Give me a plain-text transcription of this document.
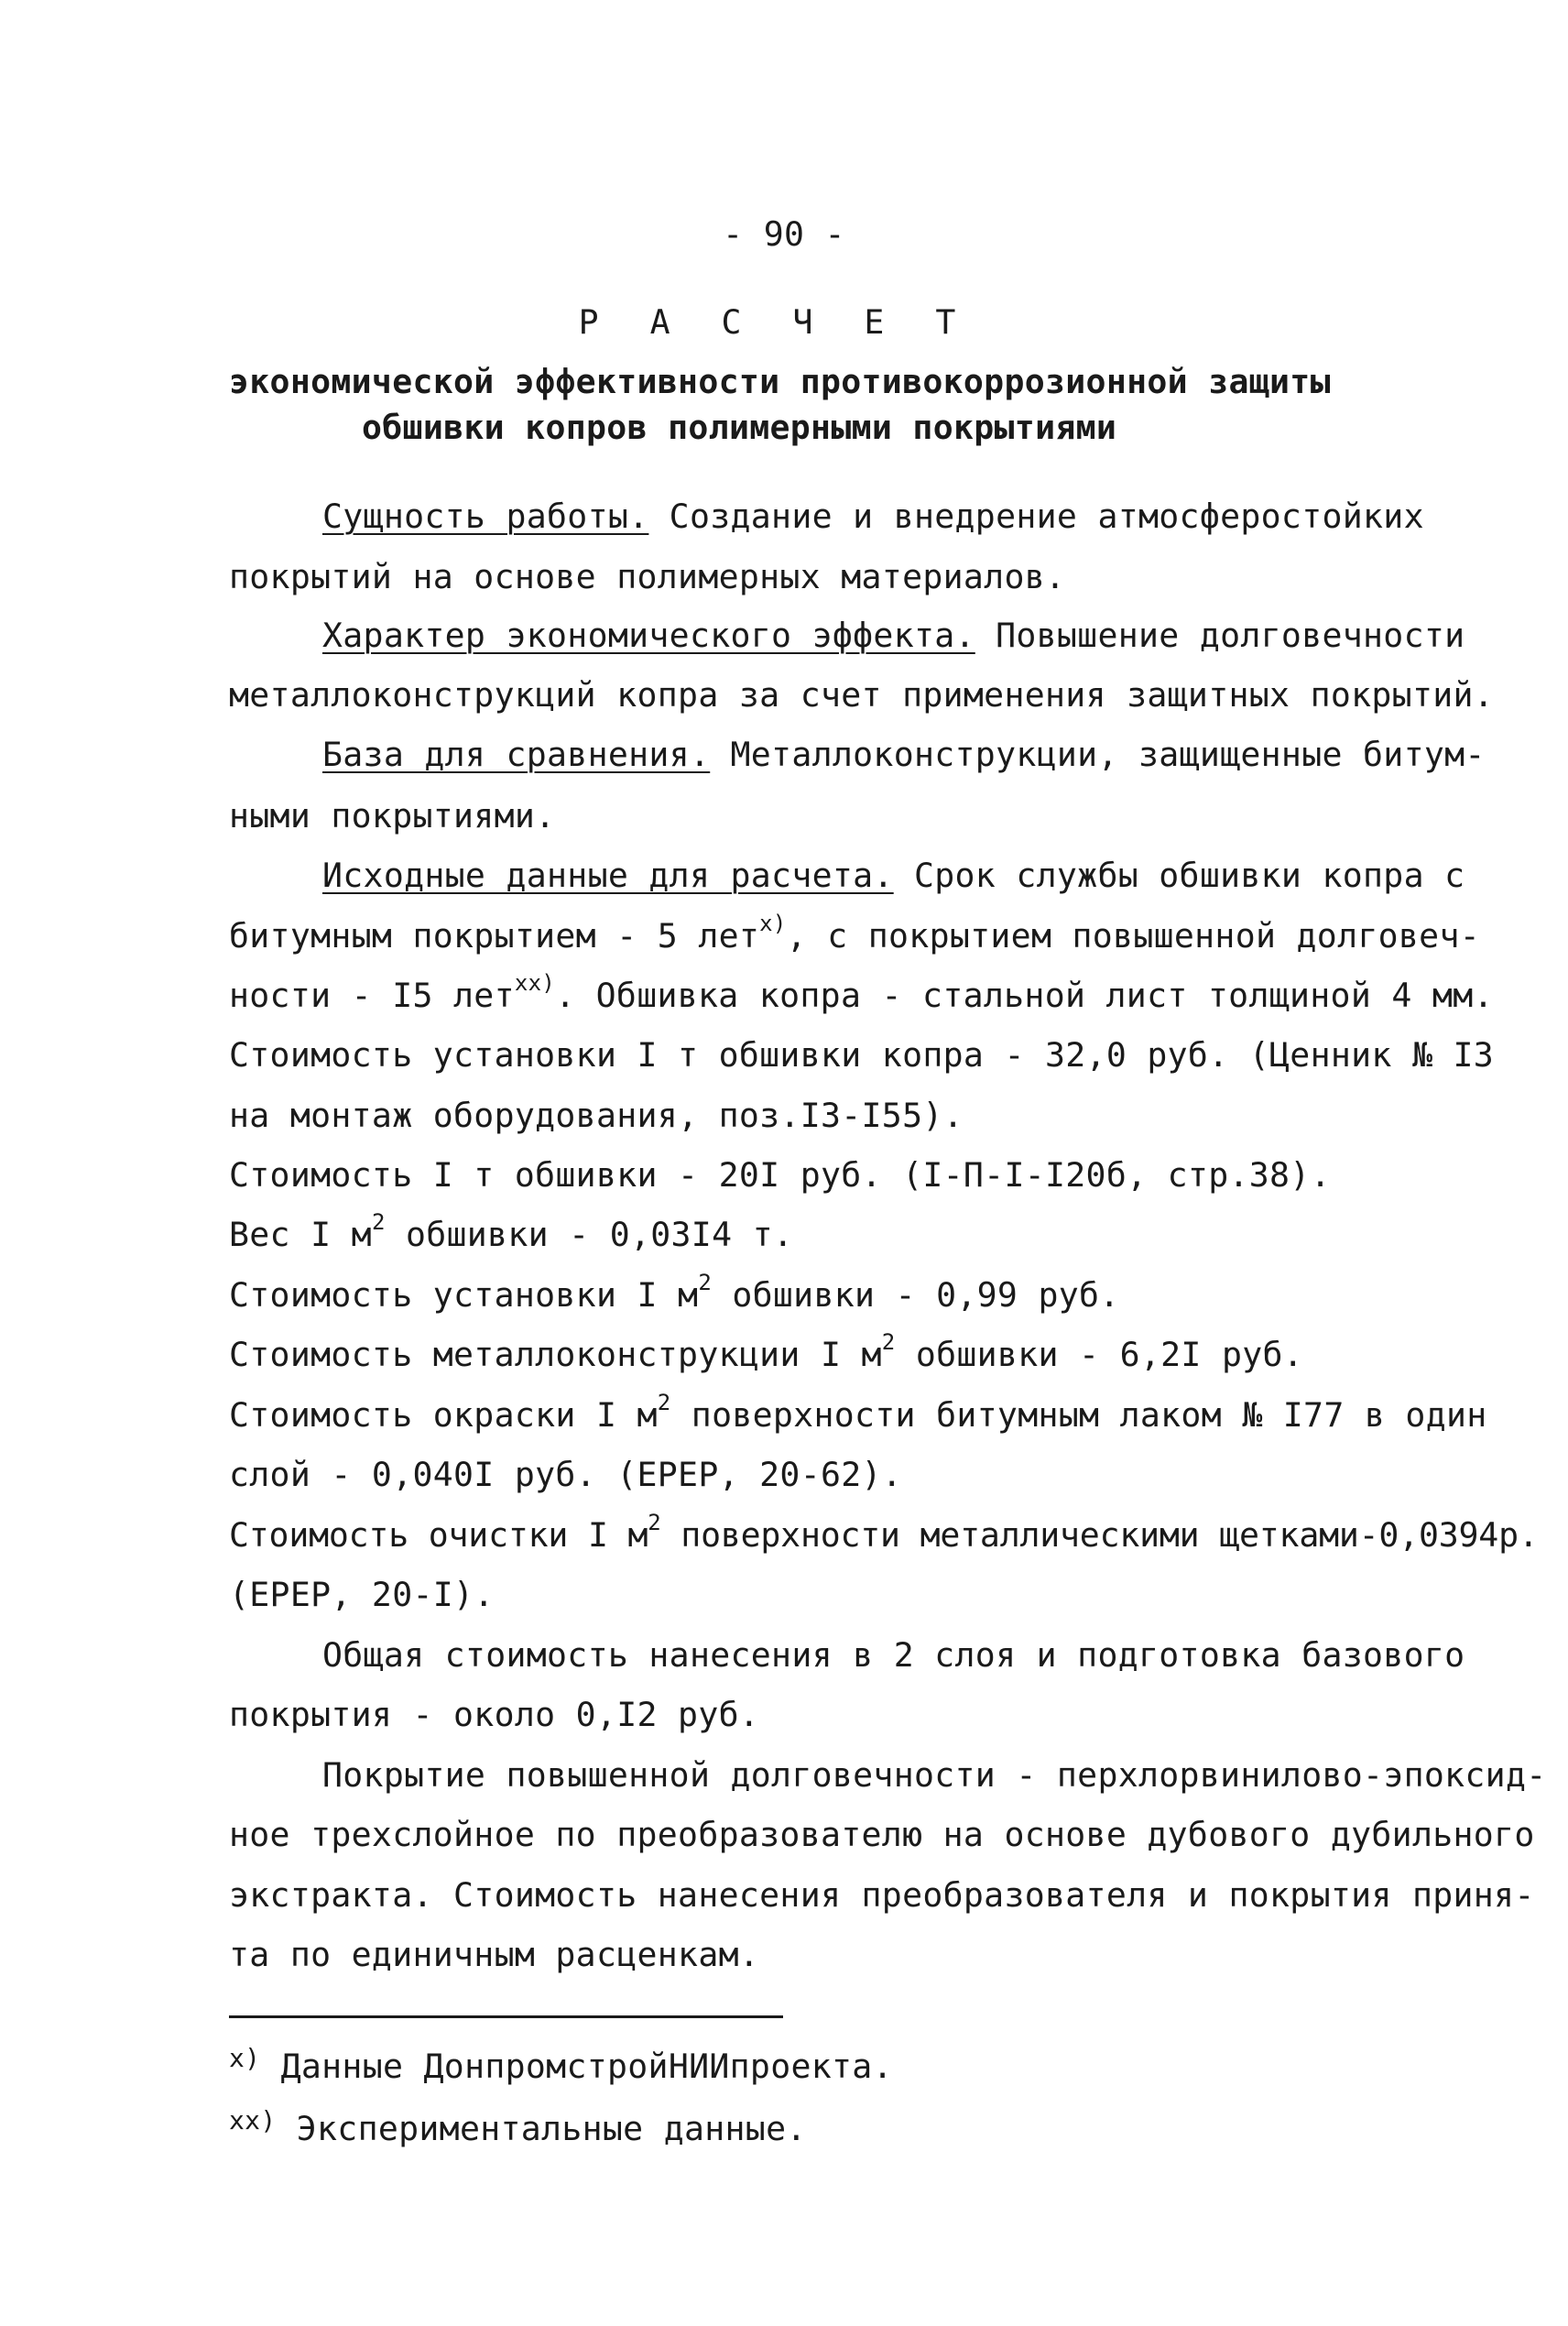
- 90 -
Р А С Ч Е Т
экономической эффективности противокоррозионной защиты
обшивки копров полимерными покрытиями
Сущность работы. Создание и внедрение атмосферостойких
покрытий на основе полимерных материалов.
Характер экономического эффекта. Повышение долговечности
металлоконструкций копра за счет применения защитных покрытий.
База для сравнения. Металлоконструкции, защищенные битум-
ными покрытиями.
Исходные данные для расчета. Срок службы обшивки копра с
битумным покрытием - 5 лет$^{x)}$, с покрытием повышенной долговеч-
ности - I5 лет$^{xx)}$. Обшивка копра - стальной лист толщиной 4 мм.
Стоимость установки I т обшивки копра - 32,0 руб. (Ценник № I3
на монтаж оборудования, поз.I3-I55).
Стоимость I т обшивки - 20I руб. (I-П-I-I20б, стр.38).
Вес I $м^2$ обшивки - 0,03I4 т.
Стоимость установки I $м^2$ обшивки - 0,99 руб.
Стоимость металлоконструкции I $м^2$ обшивки - 6,2I руб.
Стоимость окраски I $м^2$ поверхности битумным лаком № I77 в один
слой - 0,040I руб. (ЕРЕР, 20-62).
Стоимость очистки I $м^2$ поверхности металлическими щетками-0,0394р.
(ЕРЕР, 20-I).
Общая стоимость нанесения в 2 слоя и подготовка базового
покрытия - около 0,I2 руб.
Покрытие повышенной долговечности - перхлорвинилово-эпоксид-
ное трехслойное по преобразователю на основе дубового дубильного
экстракта. Стоимость нанесения преобразователя и покрытия приня-
та по единичным расценкам.
$^{x)}$ Данные ДонпромстройНИИпроекта.
$^{xx)}$ Экспериментальные данные.
